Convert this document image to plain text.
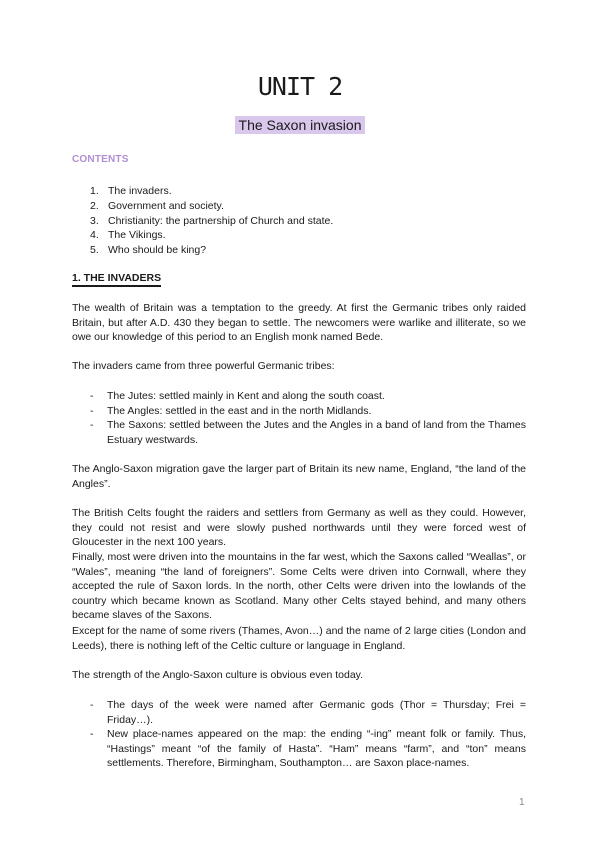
UNIT 2
The Saxon invasion
CONTENTS
1. The invaders.
2. Government and society.
3. Christianity: the partnership of Church and state.
4. The Vikings.
5. Who should be king?
1. THE INVADERS

The wealth of Britain was a temptation to the greedy. At first the Germanic tribes only raided Britain, but after A.D. 430 they began to settle. The newcomers were warlike and illiterate, so we owe our knowledge of this period to an English monk named Bede.

The invaders came from three powerful Germanic tribes:

- The Jutes: settled mainly in Kent and along the south coast.
- The Angles: settled in the east and in the north Midlands.
- The Saxons: settled between the Jutes and the Angles in a band of land from the Thames Estuary westwards.

The Anglo-Saxon migration gave the larger part of Britain its new name, England, “the land of the Angles”.

The British Celts fought the raiders and settlers from Germany as well as they could. However, they could not resist and were slowly pushed northwards until they were forced west of Gloucester in the next 100 years.

Finally, most were driven into the mountains in the far west, which the Saxons called “Weallas”, or “Wales”, meaning “the land of foreigners”. Some Celts were driven into Cornwall, where they accepted the rule of Saxon lords. In the north, other Celts were driven into the lowlands of the country which became known as Scotland. Many other Celts stayed behind, and many others became slaves of the Saxons.

Except for the name of some rivers (Thames, Avon…) and the name of 2 large cities (London and Leeds), there is nothing left of the Celtic culture or language in England.

The strength of the Anglo-Saxon culture is obvious even today.

- The days of the week were named after Germanic gods (Thor = Thursday; Frei = Friday…).
- New place-names appeared on the map: the ending “-ing” meant folk or family. Thus, “Hastings” meant “of the family of Hasta”. “Ham” means “farm”, and “ton” means settlements. Therefore, Birmingham, Southampton… are Saxon place-names.
1
